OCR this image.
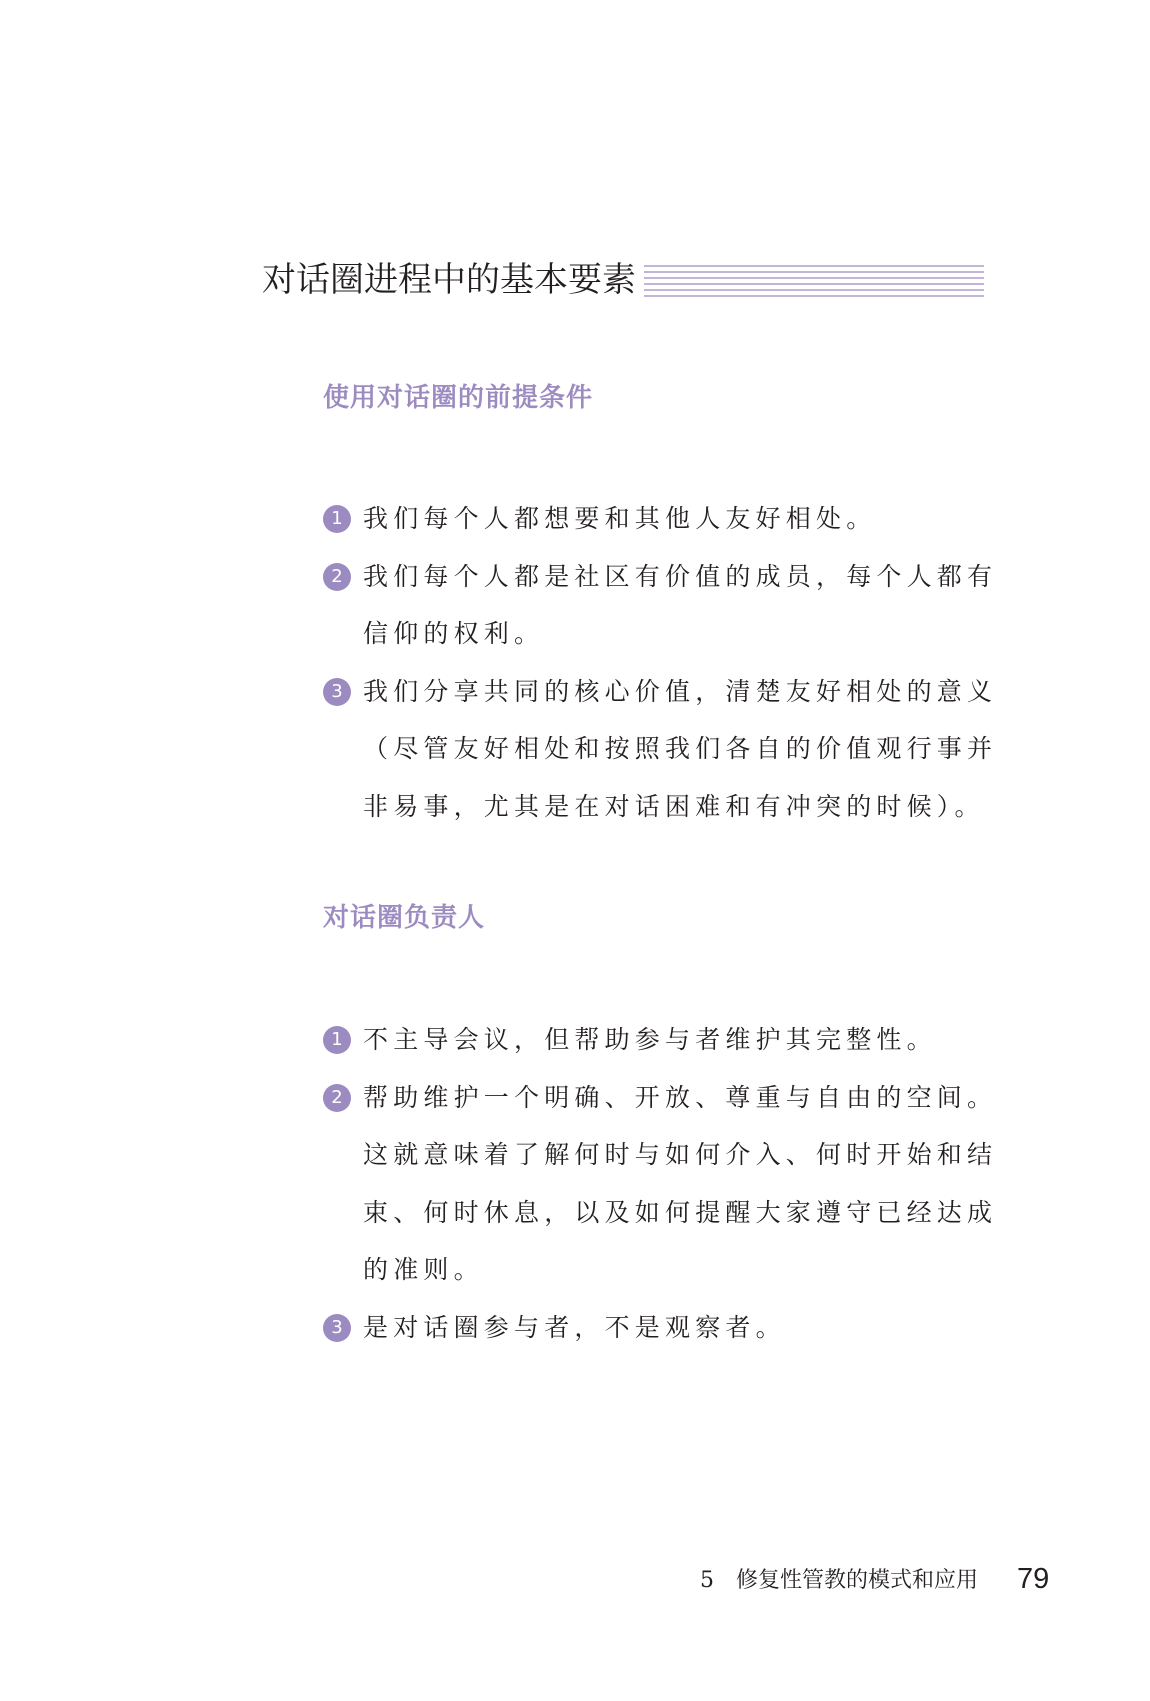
对话圈进程中的基本要素
使用对话圈的前提条件
1 我们每个人都想要和其他人友好相处。
2 我们每个人都是社区有价值的成员，每个人都有信仰的权利。
3 我们分享共同的核心价值，清楚友好相处的意义（尽管友好相处和按照我们各自的价值观行事并非易事，尤其是在对话困难和有冲突的时候）。
对话圈负责人
1 不主导会议，但帮助参与者维护其完整性。
2 帮助维护一个明确、开放、尊重与自由的空间。这就意味着了解何时与如何介入、何时开始和结束、何时休息，以及如何提醒大家遵守已经达成的准则。
3 是对话圈参与者，不是观察者。
5　修复性管教的模式和应用 79
